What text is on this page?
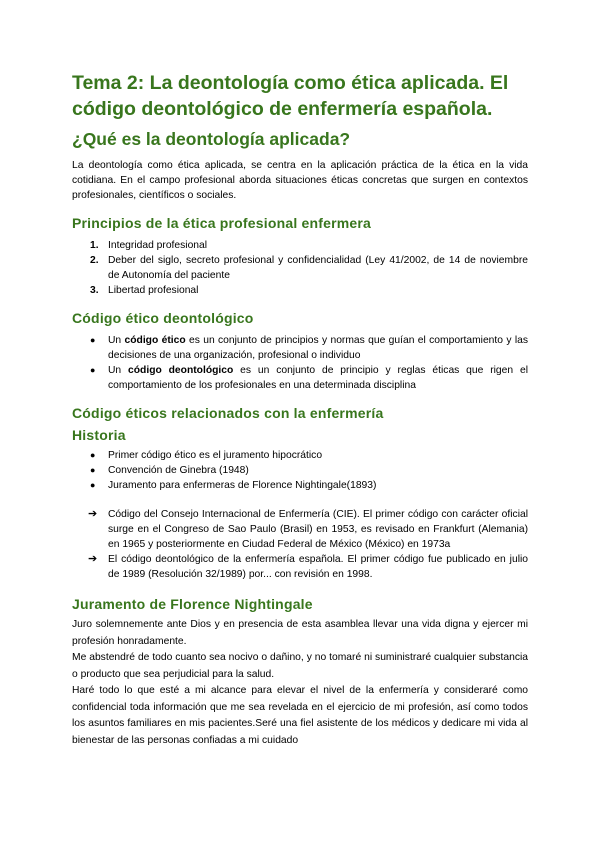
Tema 2: La deontología como ética aplicada. El código deontológico de enfermería española.
¿Qué es la deontología aplicada?

La deontología como ética aplicada, se centra en la aplicación práctica de la ética en la vida cotidiana. En el campo profesional aborda situaciones éticas concretas que surgen en contextos profesionales, científicos o sociales.

Principios de la ética profesional enfermera
1. Integridad profesional
2. Deber del siglo, secreto profesional y confidencialidad (Ley 41/2002, de 14 de noviembre de Autonomía del paciente
3. Libertad profesional
Código ético deontológico
● Un código ético es un conjunto de principios y normas que guían el comportamiento y las decisiones de una organización, profesional o individuo
● Un código deontológico es un conjunto de principio y reglas éticas que rigen el comportamiento de los profesionales en una determinada disciplina
Código éticos relacionados con la enfermería
Historia
● Primer código ético es el juramento hipocrático
● Convención de Ginebra (1948)
● Juramento para enfermeras de Florence Nightingale(1893)
➔ Código del Consejo Internacional de Enfermería (CIE). El primer código con carácter oficial surge en el Congreso de Sao Paulo (Brasil) en 1953, es revisado en Frankfurt (Alemania) en 1965 y posteriormente en Ciudad Federal de México (México) en 1973a
➔ El código deontológico de la enfermería española. El primer código fue publicado en julio de 1989 (Resolución 32/1989) por... con revisión en 1998.
Juramento de Florence Nightingale

Juro solemnemente ante Dios y en presencia de esta asamblea llevar una vida digna y ejercer mi profesión honradamente.

Me abstendré de todo cuanto sea nocivo o dañino, y no tomaré ni suministraré cualquier substancia o producto que sea perjudicial para la salud.

Haré todo lo que esté a mi alcance para elevar el nivel de la enfermería y consideraré como confidencial toda información que me sea revelada en el ejercicio de mi profesión, así como todos los asuntos familiares en mis pacientes.Seré una fiel asistente de los médicos y dedicare mi vida al bienestar de las personas confiadas a mi cuidado
